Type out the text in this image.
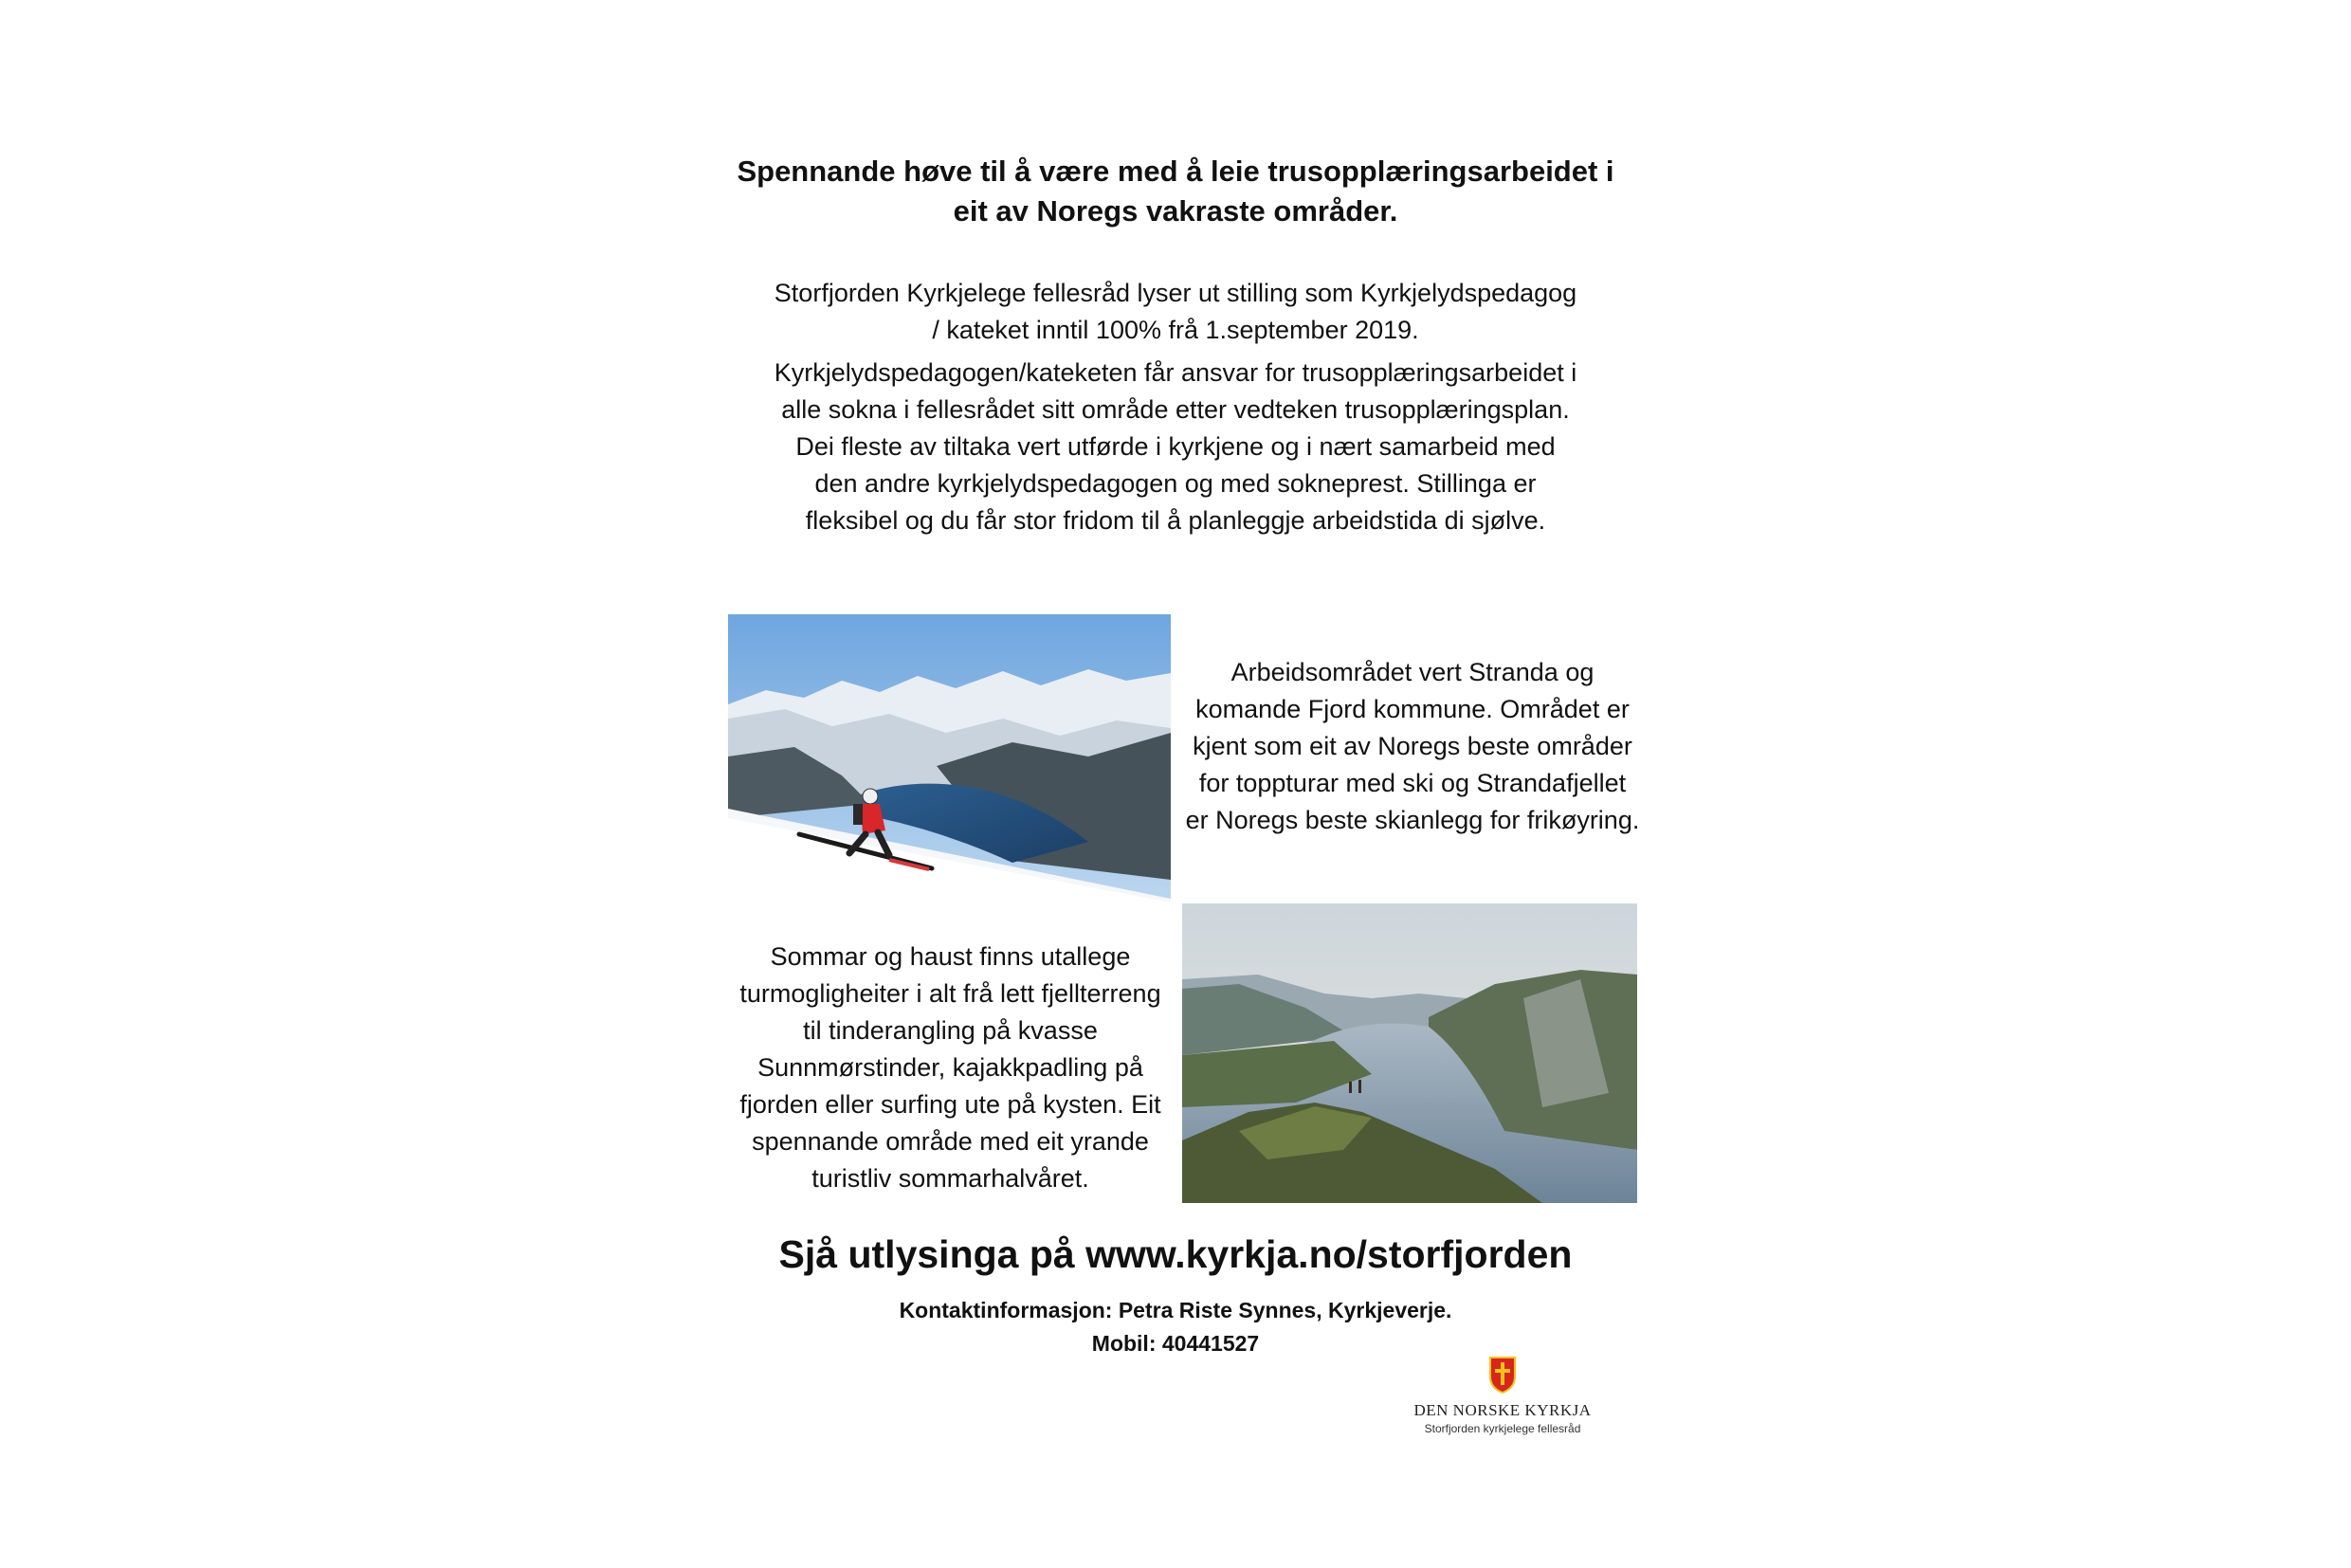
Spennande høve til å være med å leie trusopplæringsarbeidet i
eit av Noregs vakraste områder.

Storfjorden Kyrkjelege fellesråd lyser ut stilling som Kyrkjelydspedagog / kateket inntil 100% frå 1.september 2019.

Kyrkjelydspedagogen/kateketen får ansvar for trusopplæringsarbeidet i alle sokna i fellesrådet sitt område etter vedteken trusopplæringsplan. Dei fleste av tiltaka vert utførde i kyrkjene og i nært samarbeid med den andre kyrkjelydspedagogen og med sokneprest. Stillinga er fleksibel og du får stor fridom til å planleggje arbeidstida di sjølve.

Arbeidsområdet vert Stranda og komande Fjord kommune. Området er kjent som eit av Noregs beste områder for toppturar med ski og Strandafjellet er Noregs beste skianlegg for frikøyring.
Sommar og haust finns utallege turmogligheiter i alt frå lett fjellterreng til tinderangling på kvasse Sunnmørstinder, kajakkpadling på fjorden eller surfing ute på kysten. Eit spennande område med eit yrande turistliv sommarhalvåret.
Sjå utlysinga på www.kyrkja.no/storfjorden
Kontaktinformasjon: Petra Riste Synnes, Kyrkjeverje.
Mobil: 40441527
DEN NORSKE KYRKJA
Storfjorden kyrkjelege fellesråd
